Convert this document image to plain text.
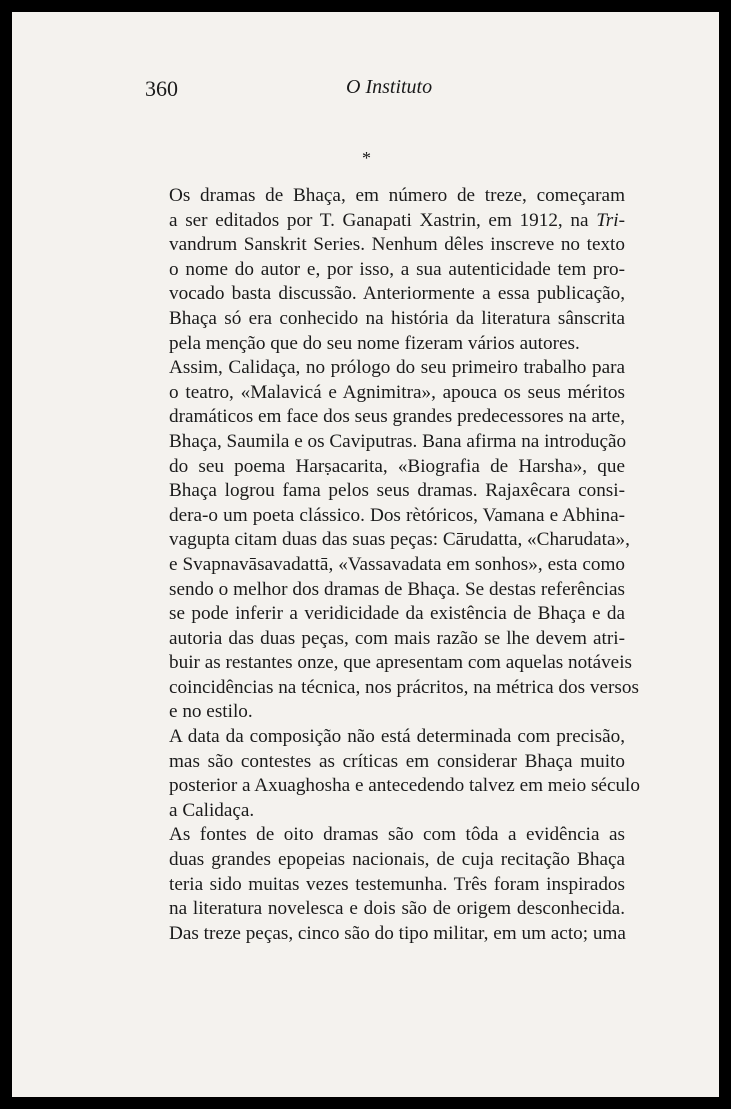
360	O Instituto
*

Os dramas de Bhaça, em número de treze, começaram
a ser editados por T. Ganapati Xastrin, em 1912, na Tri-
vandrum Sanskrit Series. Nenhum dêles inscreve no texto
o nome do autor e, por isso, a sua autenticidade tem pro-
vocado basta discussão. Anteriormente a essa publicação,
Bhaça só era conhecido na história da literatura sânscrita
pela menção que do seu nome fizeram vários autores.

Assim, Calidaça, no prólogo do seu primeiro trabalho para
o teatro, «Malavicá e Agnimitra», apouca os seus méritos
dramáticos em face dos seus grandes predecessores na arte,
Bhaça, Saumila e os Caviputras. Bana afirma na introdução
do seu poema Harṣacarita, «Biografia de Harsha», que
Bhaça logrou fama pelos seus dramas. Rajaxêcara consi-
dera-o um poeta clássico. Dos rètóricos, Vamana e Abhina-
vagupta citam duas das suas peças: Cārudatta, «Charudata»,
e Svapnavāsavadattā, «Vassavadata em sonhos», esta como
sendo o melhor dos dramas de Bhaça. Se destas referências
se pode inferir a veridicidade da existência de Bhaça e da
autoria das duas peças, com mais razão se lhe devem atri-
buir as restantes onze, que apresentam com aquelas notáveis
coincidências na técnica, nos prácritos, na métrica dos versos
e no estilo.

A data da composição não está determinada com precisão,
mas são contestes as críticas em considerar Bhaça muito
posterior a Axuaghosha e antecedendo talvez em meio século
a Calidaça.

As fontes de oito dramas são com tôda a evidência as
duas grandes epopeias nacionais, de cuja recitação Bhaça
teria sido muitas vezes testemunha. Três foram inspirados
na literatura novelesca e dois são de origem desconhecida.
Das treze peças, cinco são do tipo militar, em um acto; uma
